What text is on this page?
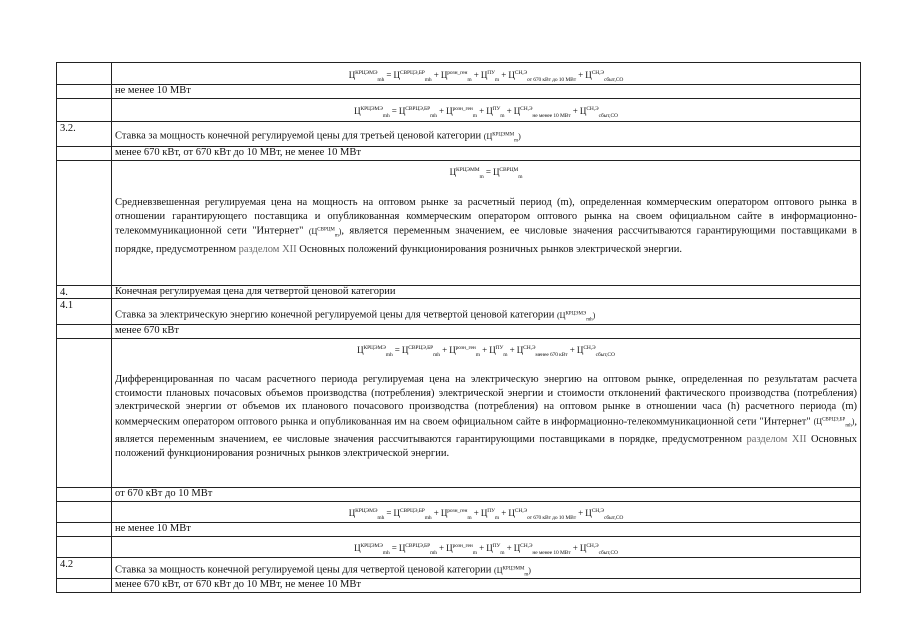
$Ц^{КРЦЭМЭ}_{mh} = Ц^{СВРЦЭ,БР}_{mh} + Ц^{розн\_ген}_m + Ц^{ПУ}_m + Ц^{СН,Э}_{от 670 кВт до 10 МВт} + Ц^{СН,Э}_{сбыт,СО}$
не менее 10 МВт
$Ц^{КРЦЭМЭ}_{mh} = Ц^{СВРЦЭ,БР}_{mh} + Ц^{розн\_ген}_m + Ц^{ПУ}_m + Ц^{СН,Э}_{не менее 10 МВт} + Ц^{СН,Э}_{сбыт,СО}$
3.2.
Ставка за мощность конечной регулируемой цены для третьей ценовой категории $(Ц^{КРЦЭММ}_m)$
менее 670 кВт, от 670 кВт до 10 МВт, не менее 10 МВт
$Ц^{КРЦЭММ}_m = Ц^{СВРЦМ}_m$
Средневзвешенная регулируемая цена на мощность на оптовом рынке за расчетный период (m), определенная коммерческим оператором оптового рынка в отношении гарантирующего поставщика и опубликованная коммерческим оператором оптового рынка на своем официальном сайте в информационно-телекоммуникационной сети "Интернет" $(Ц^{СВРЦМ}_m)$, является переменным значением, ее числовые значения рассчитываются гарантирующими поставщиками в порядке, предусмотренном разделом XII Основных положений функционирования розничных рынков электрической энергии.
4.	Конечная регулируемая цена для четвертой ценовой категории
4.1
Ставка за электрическую энергию конечной регулируемой цены для четвертой ценовой категории $(Ц^{КРЦЭМЭ}_{mh})$
менее 670 кВт
$Ц^{КРЦЭМЭ}_{mh} = Ц^{СВРЦЭ,БР}_{mh} + Ц^{розн\_ген}_m + Ц^{ПУ}_m + Ц^{СН,Э}_{менее 670 кВт} + Ц^{СН,Э}_{сбыт,СО}$
Дифференцированная по часам расчетного периода регулируемая цена на электрическую энергию на оптовом рынке, определенная по результатам расчета стоимости плановых почасовых объемов производства (потребления) электрической энергии и стоимости отклонений фактического производства (потребления) электрической энергии от объемов их планового почасового производства (потребления) на оптовом рынке в отношении часа (h) расчетного периода (m) коммерческим оператором оптового рынка и опубликованная им на своем официальном сайте в информационно-телекоммуникационной сети "Интернет" $(Ц^{СВРЦЭ,БР}_{mh})$, является переменным значением, ее числовые значения рассчитываются гарантирующими поставщиками в порядке, предусмотренном разделом XII Основных положений функционирования розничных рынков электрической энергии.
от 670 кВт до 10 МВт
$Ц^{КРЦЭМЭ}_{mh} = Ц^{СВРЦЭ,БР}_{mh} + Ц^{розн\_ген}_m + Ц^{ПУ}_m + Ц^{СН,Э}_{от 670 кВт до 10 МВт} + Ц^{СН,Э}_{сбыт,СО}$
не менее 10 МВт
$Ц^{КРЦЭМЭ}_{mh} = Ц^{СВРЦЭ,БР}_{mh} + Ц^{розн\_ген}_m + Ц^{ПУ}_m + Ц^{СН,Э}_{не менее 10 МВт} + Ц^{СН,Э}_{сбыт,СО}$
4.2
Ставка за мощность конечной регулируемой цены для четвертой ценовой категории $(Ц^{КРЦЭММ}_m)$
менее 670 кВт, от 670 кВт до 10 МВт, не менее 10 МВт
